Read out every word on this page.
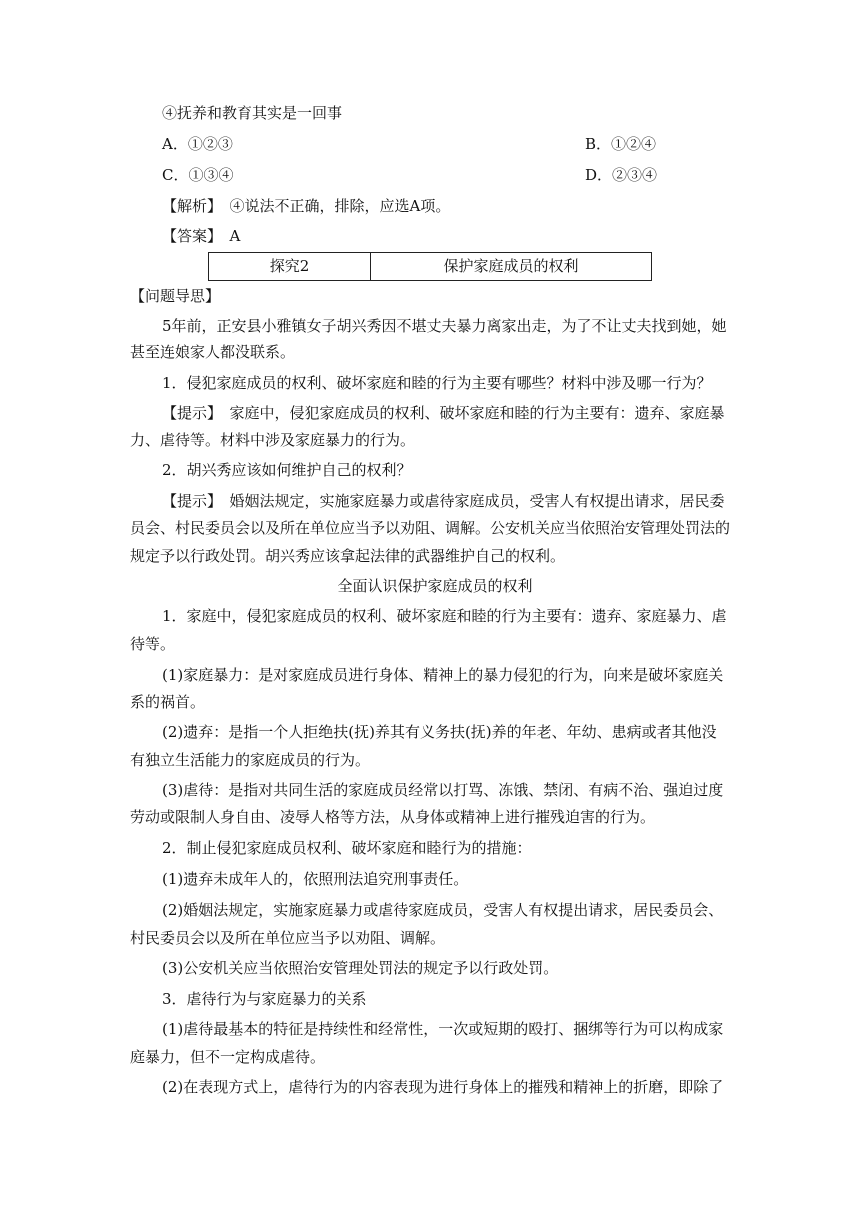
④抚养和教育其实是一回事
A．①②③	B．①②④
C．①③④	D．②③④
【解析】　④说法不正确，排除，应选A项。
【答案】　A
探究2	保护家庭成员的权利
【问题导思】
5年前，正安县小雅镇女子胡兴秀因不堪丈夫暴力离家出走，为了不让丈夫找到她，她
甚至连娘家人都没联系。
1．侵犯家庭成员的权利、破坏家庭和睦的行为主要有哪些？材料中涉及哪一行为？
【提示】　家庭中，侵犯家庭成员的权利、破坏家庭和睦的行为主要有：遗弃、家庭暴
力、虐待等。材料中涉及家庭暴力的行为。
2．胡兴秀应该如何维护自己的权利？
【提示】　婚姻法规定，实施家庭暴力或虐待家庭成员，受害人有权提出请求，居民委
员会、村民委员会以及所在单位应当予以劝阻、调解。公安机关应当依照治安管理处罚法的
规定予以行政处罚。胡兴秀应该拿起法律的武器维护自己的权利。
全面认识保护家庭成员的权利
1．家庭中，侵犯家庭成员的权利、破坏家庭和睦的行为主要有：遗弃、家庭暴力、虐
待等。
(1)家庭暴力：是对家庭成员进行身体、精神上的暴力侵犯的行为，向来是破坏家庭关
系的祸首。
(2)遗弃：是指一个人拒绝扶(抚)养其有义务扶(抚)养的年老、年幼、患病或者其他没
有独立生活能力的家庭成员的行为。
(3)虐待：是指对共同生活的家庭成员经常以打骂、冻饿、禁闭、有病不治、强迫过度
劳动或限制人身自由、凌辱人格等方法，从身体或精神上进行摧残迫害的行为。
2．制止侵犯家庭成员权利、破坏家庭和睦行为的措施：
(1)遗弃未成年人的，依照刑法追究刑事责任。
(2)婚姻法规定，实施家庭暴力或虐待家庭成员，受害人有权提出请求，居民委员会、
村民委员会以及所在单位应当予以劝阻、调解。
(3)公安机关应当依照治安管理处罚法的规定予以行政处罚。
3．虐待行为与家庭暴力的关系
(1)虐待最基本的特征是持续性和经常性，一次或短期的殴打、捆绑等行为可以构成家
庭暴力，但不一定构成虐待。
(2)在表现方式上，虐待行为的内容表现为进行身体上的摧残和精神上的折磨，即除了
